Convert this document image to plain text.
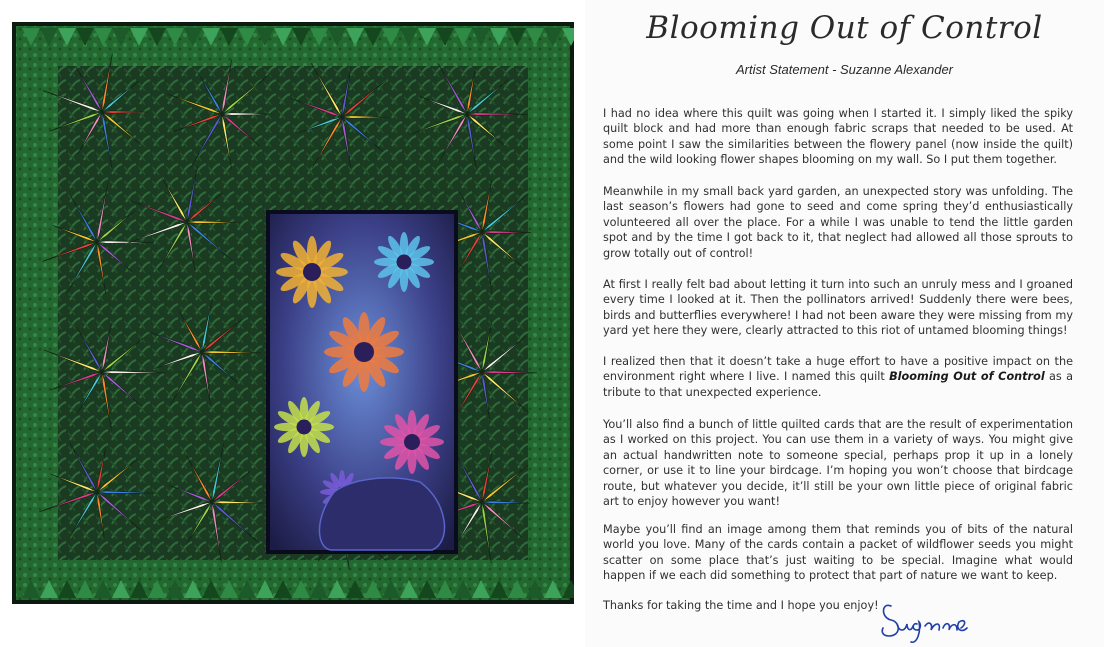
Blooming Out of Control
Artist Statement - Suzanne Alexander

I had no idea where this quilt was going when I started it. I simply liked the spiky quilt block and had more than enough fabric scraps that needed to be used. At some point I saw the similarities between the flowery panel (now inside the quilt) and the wild looking flower shapes blooming on my wall. So I put them together.

Meanwhile in my small back yard garden, an unexpected story was unfolding. The last season’s flowers had gone to seed and come spring they’d enthusiastically volunteered all over the place. For a while I was unable to tend the little garden spot and by the time I got back to it, that neglect had allowed all those sprouts to grow totally out of control!

At first I really felt bad about letting it turn into such an unruly mess and I groaned every time I looked at it. Then the pollinators arrived! Suddenly there were bees, birds and butterflies everywhere! I had not been aware they were missing from my yard yet here they were, clearly attracted to this riot of untamed blooming things!

I realized then that it doesn’t take a huge effort to have a positive impact on the environment right where I live. I named this quilt Blooming Out of Control as a tribute to that unexpected experience.

You’ll also find a bunch of little quilted cards that are the result of experimentation as I worked on this project. You can use them in a variety of ways. You might give an actual handwritten note to someone special, perhaps prop it up in a lonely corner, or use it to line your birdcage. I’m hoping you won’t choose that birdcage route, but whatever you decide, it’ll still be your own little piece of original fabric art to enjoy however you want!

Maybe you’ll find an image among them that reminds you of bits of the natural world you love. Many of the cards contain a packet of wildflower seeds you might scatter on some place that’s just waiting to be special. Imagine what would happen if we each did something to protect that part of nature we want to keep.

Thanks for taking the time and I hope you enjoy!
